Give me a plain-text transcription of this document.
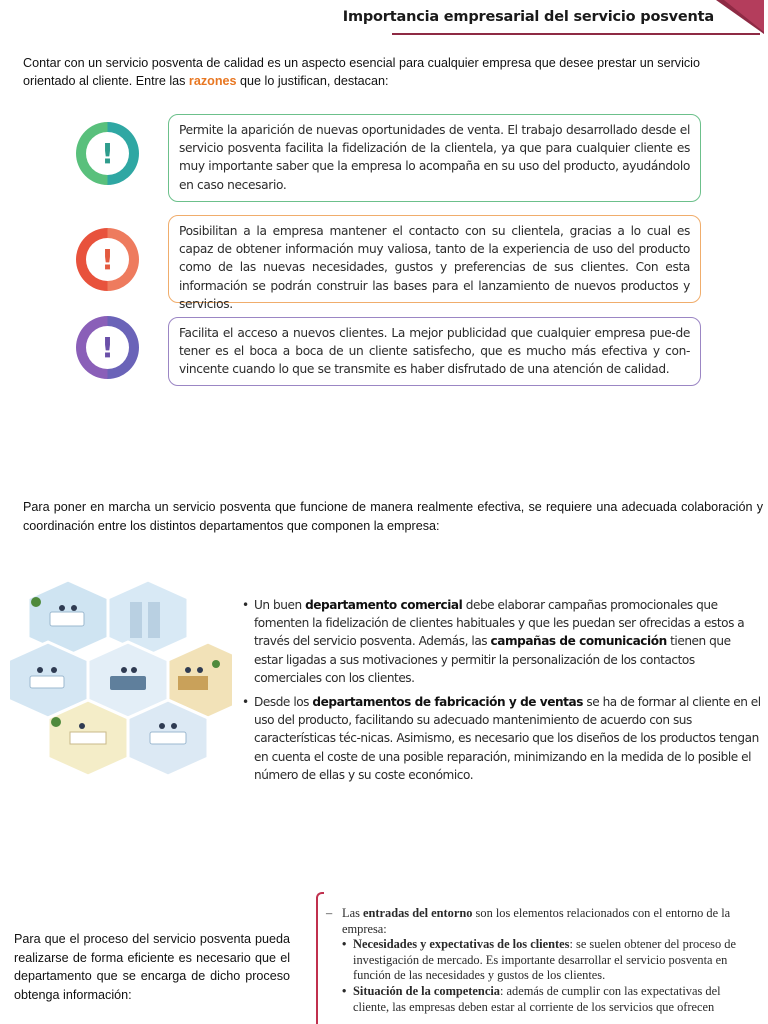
Importancia empresarial del servicio posventa

Contar con un servicio posventa de calidad es un aspecto esencial para cualquier empresa que desee prestar un servicio orientado al cliente. Entre las razones que lo justifican, destacan:

!
Permite la aparición de nuevas oportunidades de venta. El trabajo desarrollado desde el servicio posventa facilita la fidelización de la clientela, ya que para cualquier cliente es muy importante saber que la empresa lo acompaña en su uso del producto, ayudándolo en caso necesario.
!
Posibilitan a la empresa mantener el contacto con su clientela, gracias a lo cual es capaz de obtener información muy valiosa, tanto de la experiencia de uso del producto como de las nuevas necesidades, gustos y preferencias de sus clientes. Con esta información se podrán construir las bases para el lanzamiento de nuevos productos y servicios.
!	Facilita el acceso a nuevos clientes. La mejor publicidad que cualquier empresa pue-de tener es el boca a boca de un cliente satisfecho, que es mucho más efectiva y con-vincente cuando lo que se transmite es haber disfrutado de una atención de calidad.

Para poner en marcha un servicio posventa que funcione de manera realmente efectiva, se requiere una adecuada colaboración y coordinación entre los distintos departamentos que componen la empresa:

• Un buen departamento comercial debe elaborar campañas promocionales que fomenten la fidelización de clientes habituales y que les puedan ser ofrecidas a estos a través del servicio posventa. Además, las campañas de comunicación tienen que estar ligadas a sus motivaciones y permitir la personalización de los contactos comerciales con los clientes.
• Desde los departamentos de fabricación y de ventas se ha de formar al cliente en el uso del producto, facilitando su adecuado mantenimiento de acuerdo con sus características téc-nicas. Asimismo, es necesario que los diseños de los productos tengan en cuenta el coste de una posible reparación, minimizando en la medida de lo posible el número de ellas y su coste económico.

Para que el proceso del servicio posventa pueda realizarse de forma eficiente es necesario que el departamento que se encarga de dicho proceso obtenga información:

– Las entradas del entorno son los elementos relacionados con el entorno de la empresa:

• Necesidades y expectativas de los clientes: se suelen obtener del proceso de investigación de mercado. Es importante desarrollar el servicio posventa en función de las necesidades y gustos de los clientes.
• Situación de la competencia: además de cumplir con las expectativas del cliente, las empresas deben estar al corriente de los servicios que ofrecen
